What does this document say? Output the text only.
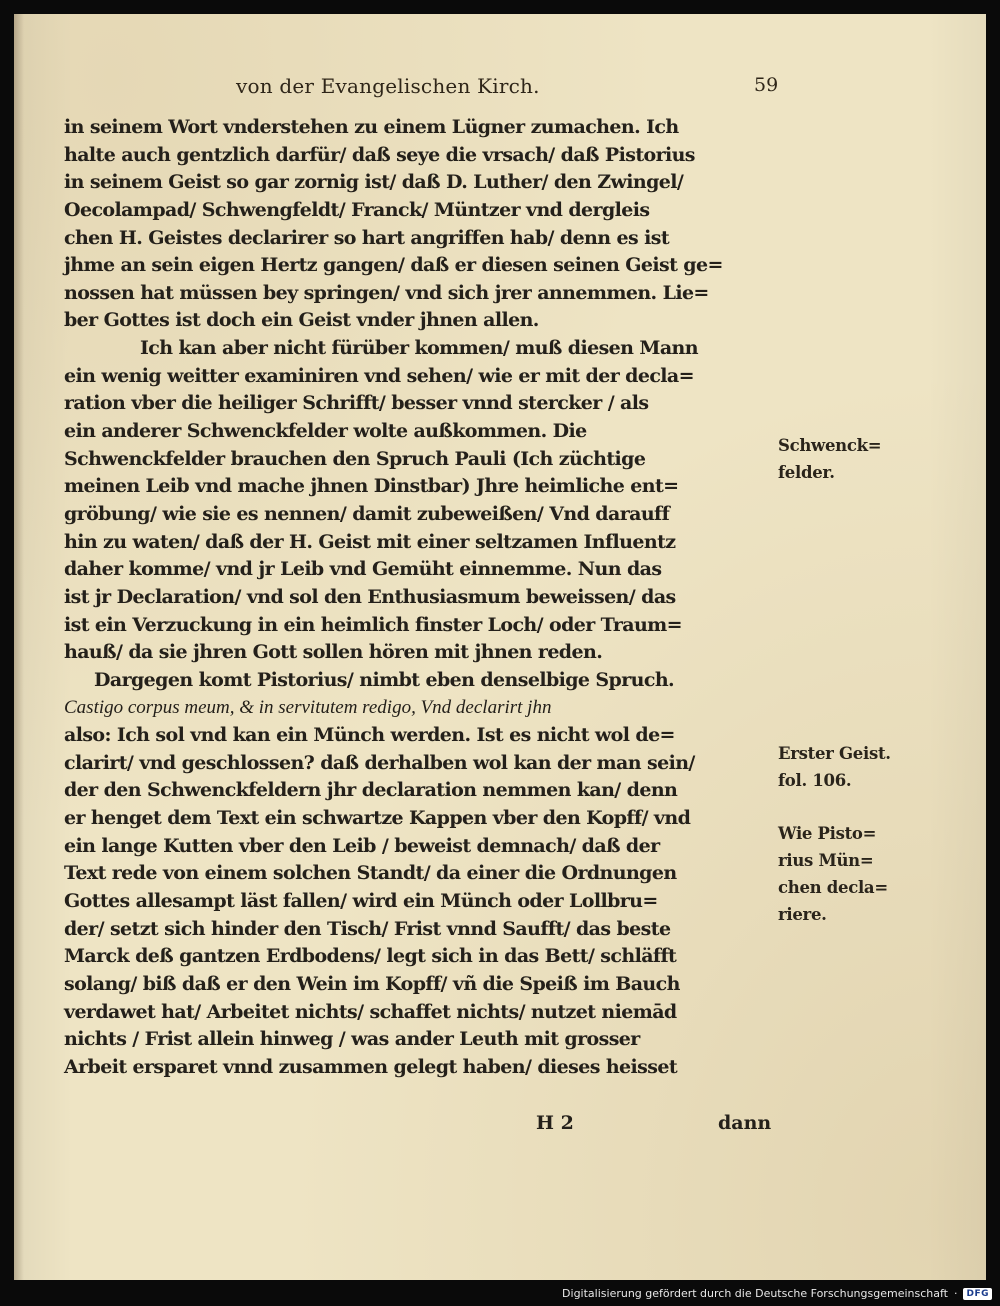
von der Evangelischen Kirch.	59
in seinem Wort vnderstehen zu einem Lügner zumachen. Ich
halte auch gentzlich darfür/ daß seye die vrsach/ daß Pistorius
in seinem Geist so gar zornig ist/ daß D. Luther/ den Zwingel/
Oecolampad/ Schwengfeldt/ Franck/ Müntzer vnd dergleis
chen H. Geistes declarirer so hart angriffen hab/ denn es ist
jhme an sein eigen Hertz gangen/ daß er diesen seinen Geist ge=
nossen hat müssen bey springen/ vnd sich jrer annemmen. Lie=
ber Gottes ist doch ein Geist vnder jhnen allen.
Ich kan aber nicht fürüber kommen/ muß diesen Mann
ein wenig weitter examiniren vnd sehen/ wie er mit der decla=
ration vber die heiliger Schrifft/ besser vnnd stercker / als
ein anderer Schwenckfelder wolte außkommen. Die
Schwenckfelder brauchen den Spruch Pauli (Ich züchtige
meinen Leib vnd mache jhnen Dinstbar) Jhre heimliche ent=
gröbung/ wie sie es nennen/ damit zubeweißen/ Vnd darauff
hin zu waten/ daß der H. Geist mit einer seltzamen Influentz
daher komme/ vnd jr Leib vnd Gemüht einnemme. Nun das
ist jr Declaration/ vnd sol den Enthusiasmum beweissen/ das
ist ein Verzuckung in ein heimlich finster Loch/ oder Traum=
hauß/ da sie jhren Gott sollen hören mit jhnen reden.
Dargegen komt Pistorius/ nimbt eben denselbige Spruch.
Castigo corpus meum, & in servitutem redigo, Vnd declarirt jhn
also: Ich sol vnd kan ein Münch werden. Ist es nicht wol de=
clarirt/ vnd geschlossen? daß derhalben wol kan der man sein/
der den Schwenckfeldern jhr declaration nemmen kan/ denn
er henget dem Text ein schwartze Kappen vber den Kopff/ vnd
ein lange Kutten vber den Leib / beweist demnach/ daß der
Text rede von einem solchen Standt/ da einer die Ordnungen
Gottes allesampt läst fallen/ wird ein Münch oder Lollbru=
der/ setzt sich hinder den Tisch/ Frist vnnd Saufft/ das beste
Marck deß gantzen Erdbodens/ legt sich in das Bett/ schläfft
solang/ biß daß er den Wein im Kopff/ vñ die Speiß im Bauch
verdawet hat/ Arbeitet nichts/ schaffet nichts/ nutzet niemād
nichts / Frist allein hinweg / was ander Leuth mit grosser
Arbeit ersparet vnnd zusammen gelegt haben/ dieses heisset
Schwenck=
felder.
Erster Geist.
fol. 106.
Wie Pisto=
rius Mün=
chen decla=
riere.
H 2	dann
Digitalisierung gefördert durch die Deutsche Forschungsgemeinschaft ·	DFG
